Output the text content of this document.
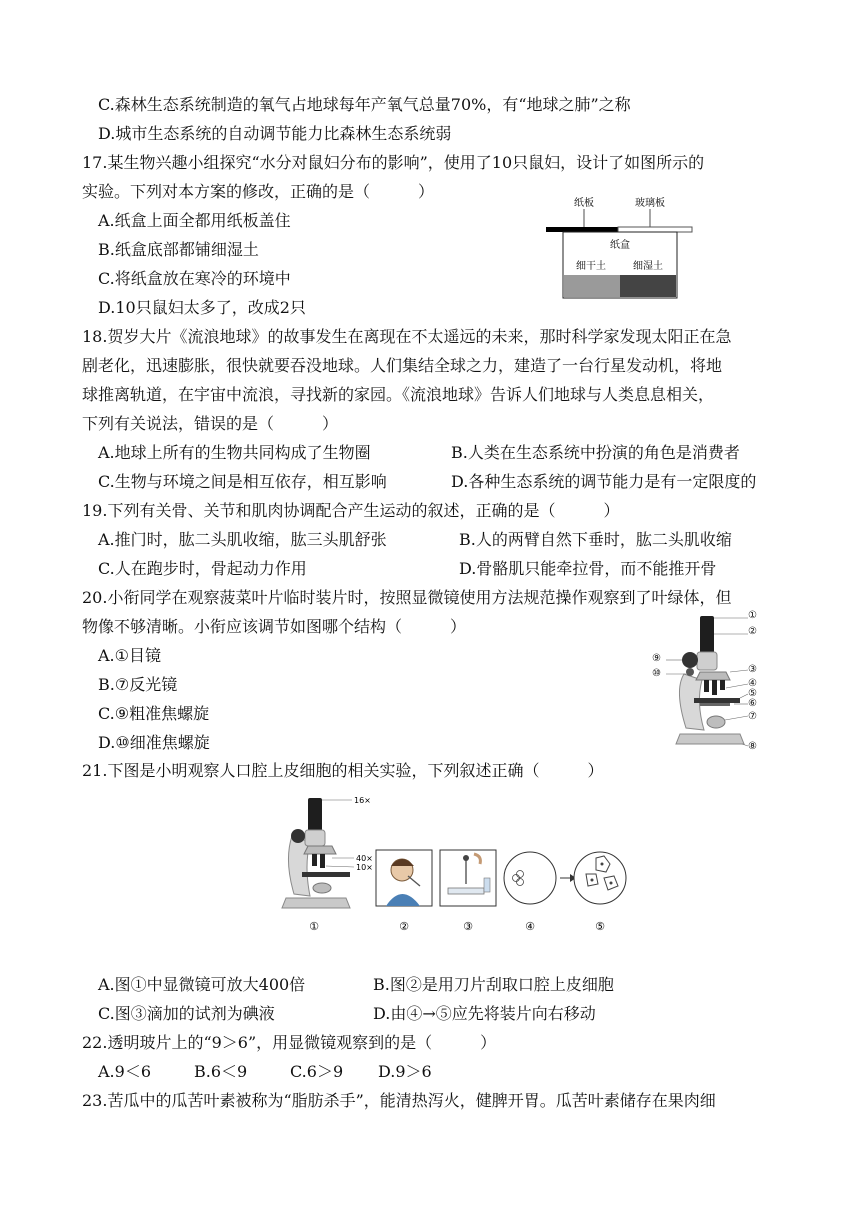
C.森林生态系统制造的氧气占地球每年产氧气总量70%，有“地球之肺”之称
D.城市生态系统的自动调节能力比森林生态系统弱
17.某生物兴趣小组探究“水分对鼠妇分布的影响”，使用了10只鼠妇，设计了如图所示的
实验。下列对本方案的修改，正确的是（　　　）
A.纸盒上面全都用纸板盖住
B.纸盒底部都铺细湿土
C.将纸盒放在寒冷的环境中
D.10只鼠妇太多了，改成2只
纸板	玻璃板
纸盒
细干土	细湿土
18.贺岁大片《流浪地球》的故事发生在离现在不太遥远的未来，那时科学家发现太阳正在急
剧老化，迅速膨胀，很快就要吞没地球。人们集结全球之力，建造了一台行星发动机，将地
球推离轨道，在宇宙中流浪，寻找新的家园。《流浪地球》告诉人们地球与人类息息相关，
下列有关说法，错误的是（　　　）
A.地球上所有的生物共同构成了生物圈	B.人类在生态系统中扮演的角色是消费者
C.生物与环境之间是相互依存，相互影响	D.各种生态系统的调节能力是有一定限度的
19.下列有关骨、关节和肌肉协调配合产生运动的叙述，正确的是（　　　）
A.推门时，肱二头肌收缩，肱三头肌舒张	B.人的两臂自然下垂时，肱二头肌收缩
C.人在跑步时，骨起动力作用	D.骨骼肌只能牵拉骨，而不能推开骨
20.小衔同学在观察菠菜叶片临时装片时，按照显微镜使用方法规范操作观察到了叶绿体，但
物像不够清晰。小衔应该调节如图哪个结构（　　　）
A.①目镜
B.⑦反光镜
C.⑨粗准焦螺旋
D.⑩细准焦螺旋
①
②
⑨
⑩	③
④
⑤
⑥
⑦
⑧
21.下图是小明观察人口腔上皮细胞的相关实验，下列叙述正确（　　　）
16×
40×
10×
①	②	③	④	⑤
A.图①中显微镜可放大400倍	B.图②是用刀片刮取口腔上皮细胞
C.图③滴加的试剂为碘液	D.由④→⑤应先将装片向右移动
22.透明玻片上的“9＞6”，用显微镜观察到的是（　　　）
A.9＜6	B.6＜9	C.6＞9 D.9＞6
23.苦瓜中的瓜苦叶素被称为“脂肪杀手”，能清热泻火，健脾开胃。瓜苦叶素储存在果肉细
